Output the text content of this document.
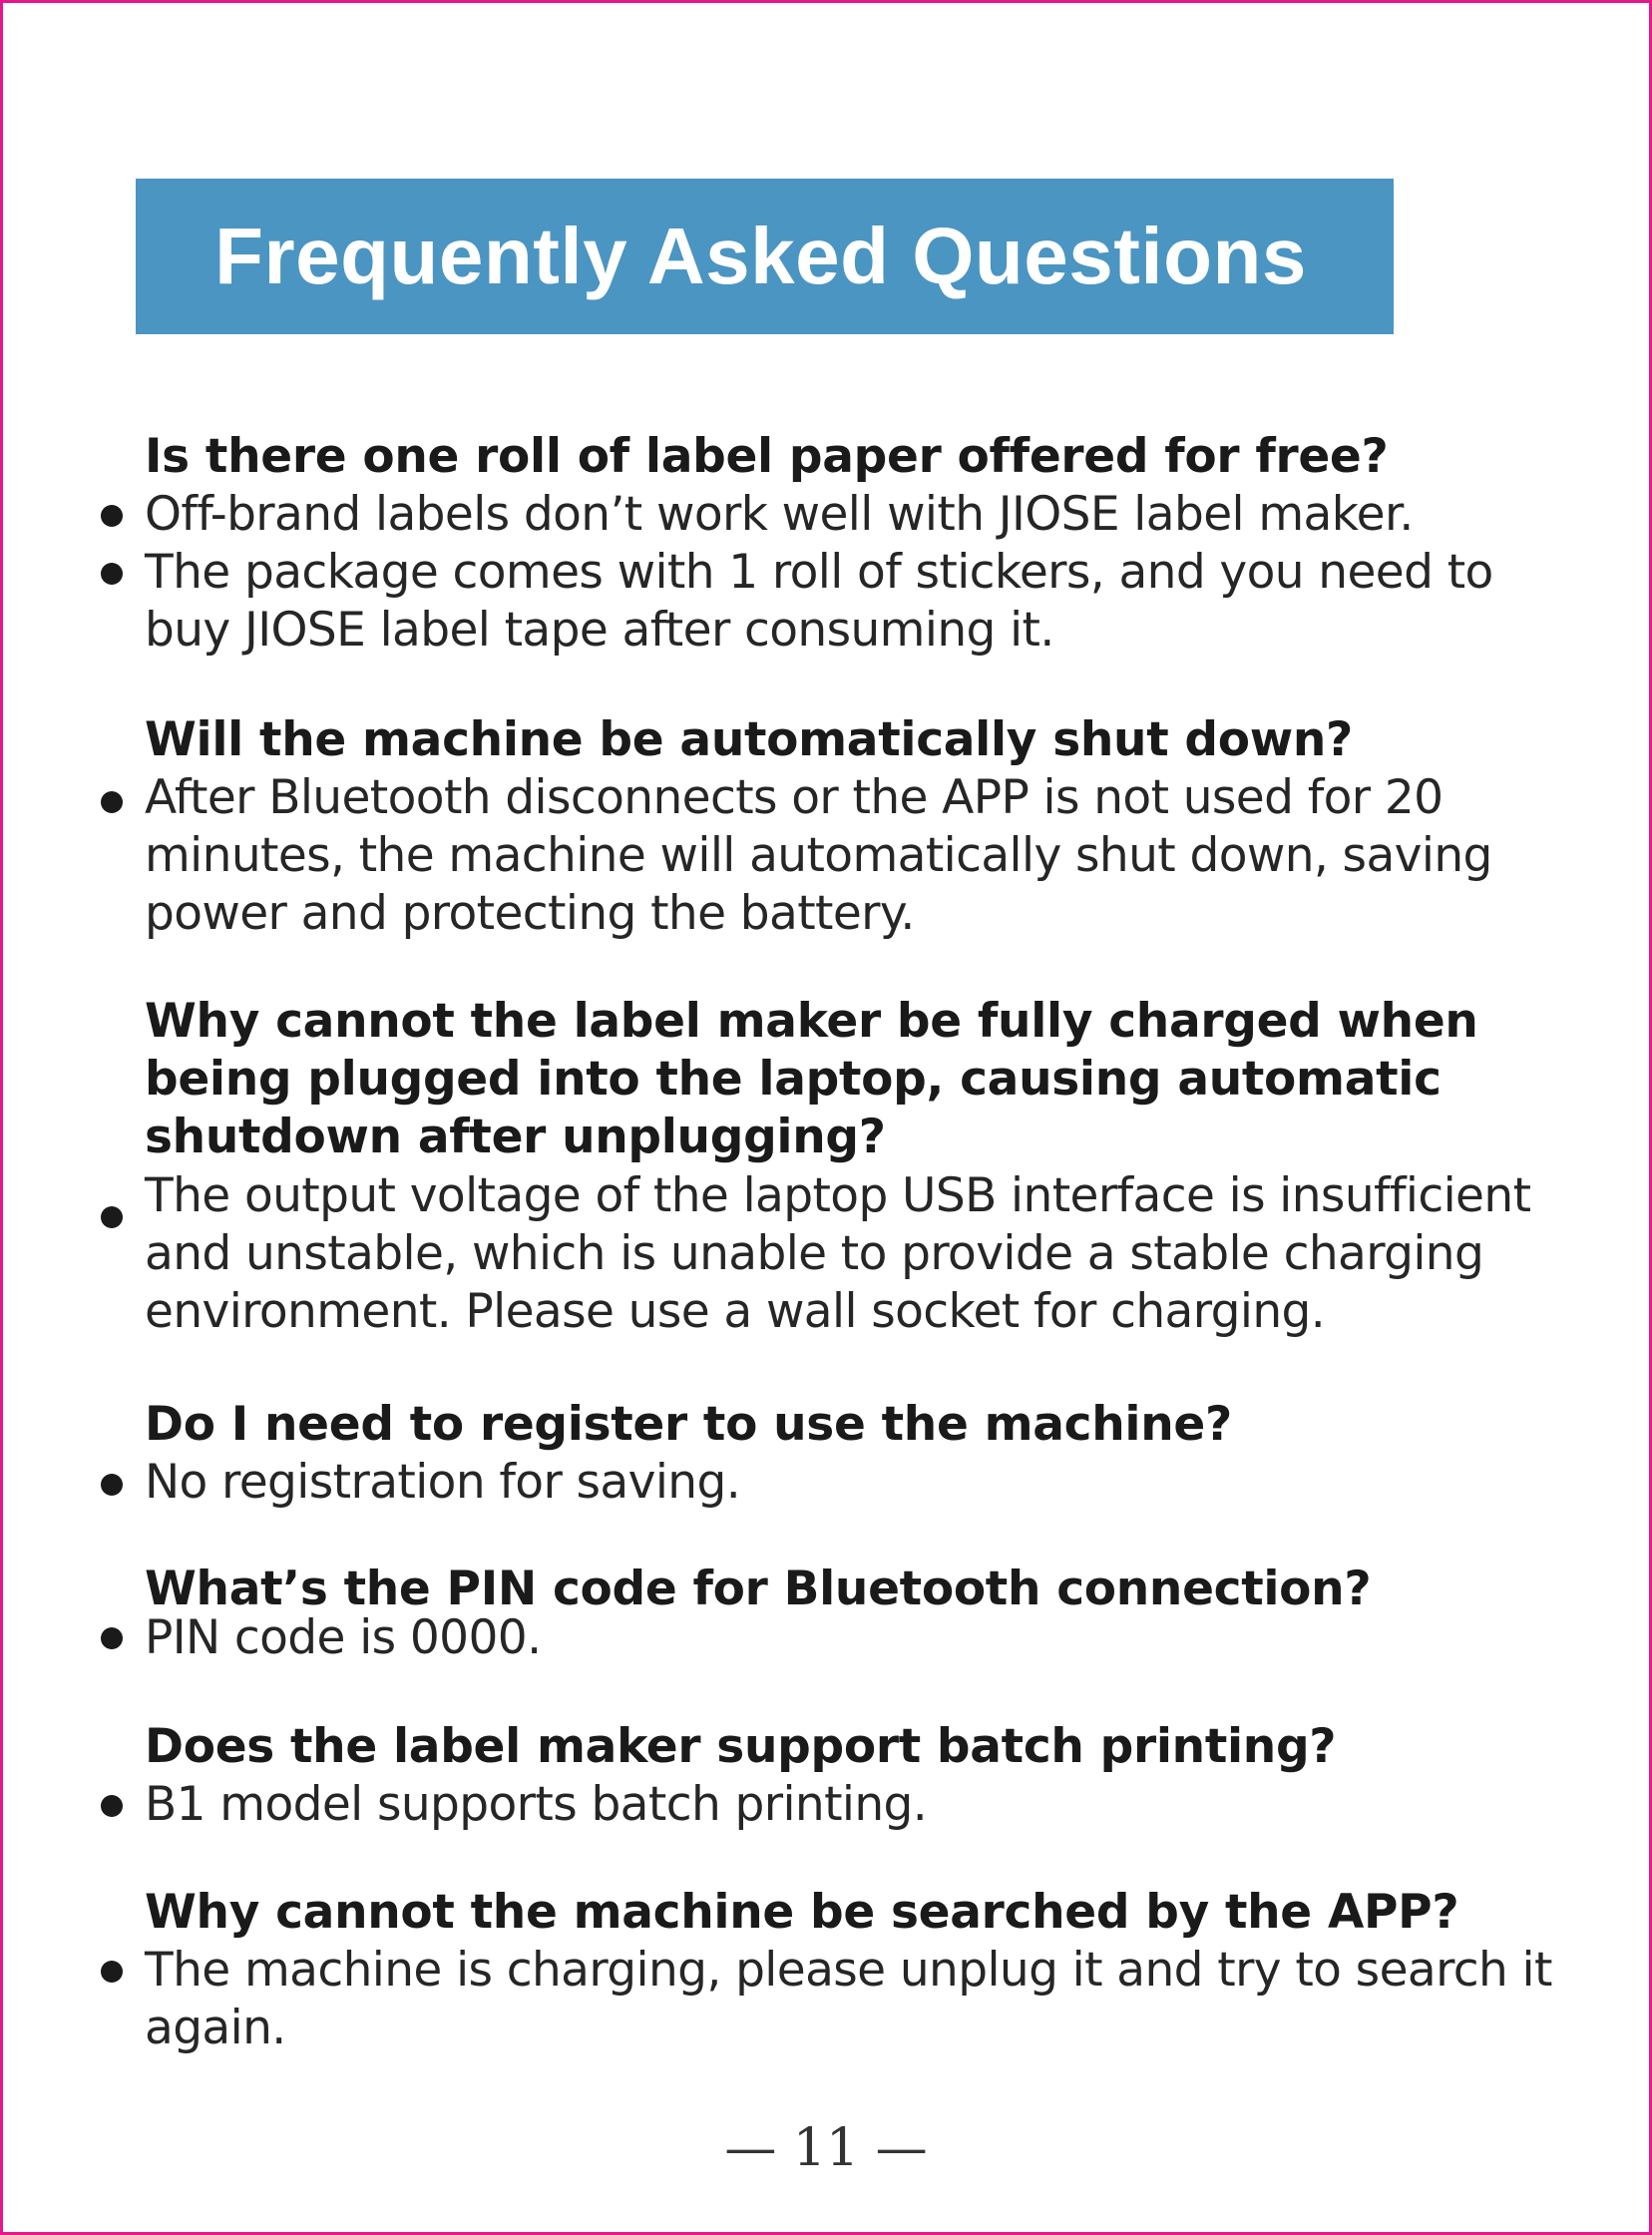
Frequently Asked Questions

Is there one roll of label paper offered for free?

Off-brand labels don’t work well with JIOSE label maker.

The package comes with 1 roll of stickers, and you need to buy JIOSE label tape after consuming it.

Will the machine be automatically shut down?

After Bluetooth disconnects or the APP is not used for 20 minutes, the machine will automatically shut down, saving power and protecting the battery.

Why cannot the label maker be fully charged when being plugged into the laptop, causing automatic shutdown after unplugging?

The output voltage of the laptop USB interface is insufficient and unstable, which is unable to provide a stable charging environment. Please use a wall socket for charging.

Do I need to register to use the machine?

No registration for saving.

What’s the PIN code for Bluetooth connection?

PIN code is 0000.

Does the label maker support batch printing?

B1 model supports batch printing.

Why cannot the machine be searched by the APP?

The machine is charging, please unplug it and try to search it again.

— 11 —
